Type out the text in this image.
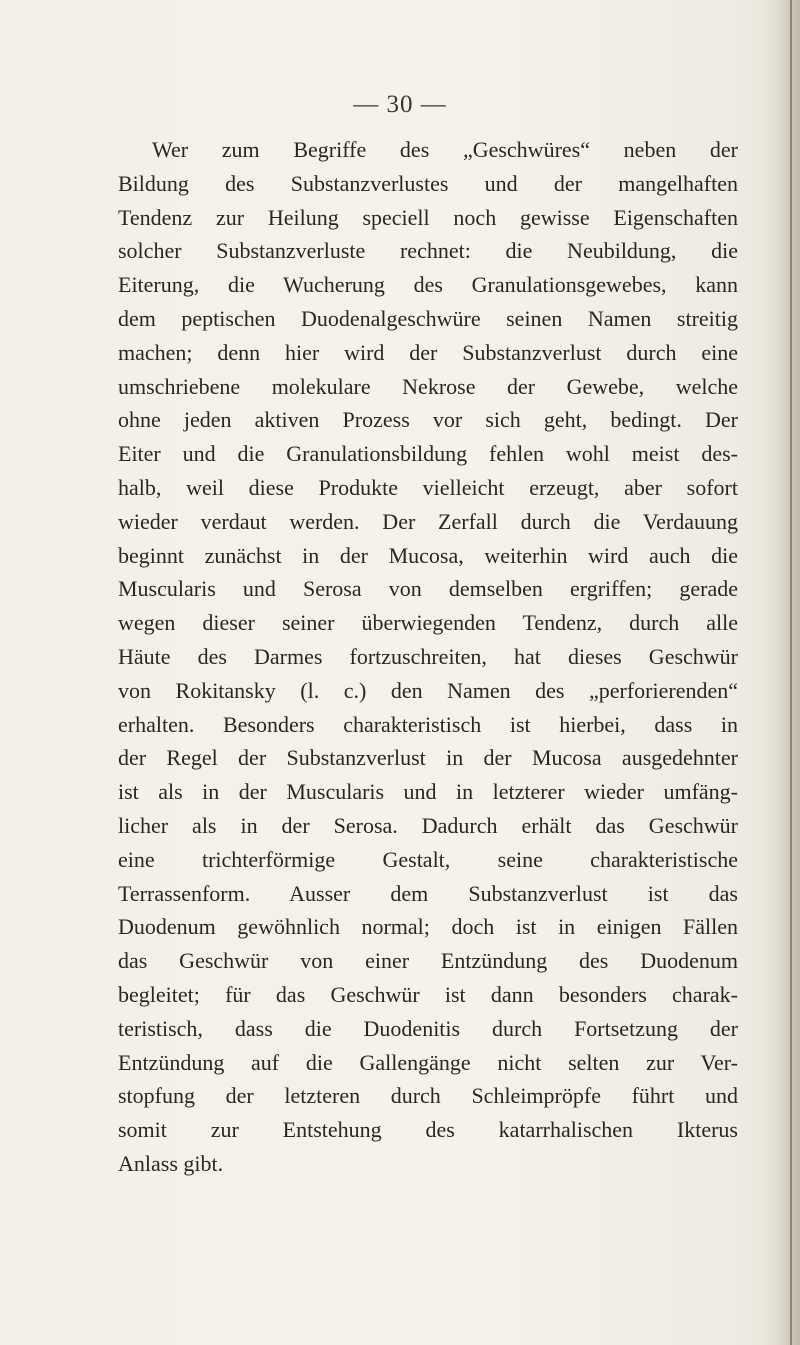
— 30 —
Wer zum Begriffe des „Geschwüres“ neben der
Bildung des Substanzverlustes und der mangelhaften
Tendenz zur Heilung speciell noch gewisse Eigenschaften
solcher Substanzverluste rechnet: die Neubildung, die
Eiterung, die Wucherung des Granulationsgewebes, kann
dem peptischen Duodenalgeschwüre seinen Namen streitig
machen; denn hier wird der Substanzverlust durch eine
umschriebene molekulare Nekrose der Gewebe, welche
ohne jeden aktiven Prozess vor sich geht, bedingt. Der
Eiter und die Granulationsbildung fehlen wohl meist des-
halb, weil diese Produkte vielleicht erzeugt, aber sofort
wieder verdaut werden. Der Zerfall durch die Verdauung
beginnt zunächst in der Mucosa, weiterhin wird auch die
Muscularis und Serosa von demselben ergriffen; gerade
wegen dieser seiner überwiegenden Tendenz, durch alle
Häute des Darmes fortzuschreiten, hat dieses Geschwür
von Rokitansky (l. c.) den Namen des „perforierenden“
erhalten. Besonders charakteristisch ist hierbei, dass in
der Regel der Substanzverlust in der Mucosa ausgedehnter
ist als in der Muscularis und in letzterer wieder umfäng-
licher als in der Serosa. Dadurch erhält das Geschwür
eine trichterförmige Gestalt, seine charakteristische
Terrassenform. Ausser dem Substanzverlust ist das
Duodenum gewöhnlich normal; doch ist in einigen Fällen
das Geschwür von einer Entzündung des Duodenum
begleitet; für das Geschwür ist dann besonders charak-
teristisch, dass die Duodenitis durch Fortsetzung der
Entzündung auf die Gallengänge nicht selten zur Ver-
stopfung der letzteren durch Schleimpröpfe führt und
somit zur Entstehung des katarrhalischen Ikterus
Anlass gibt.
